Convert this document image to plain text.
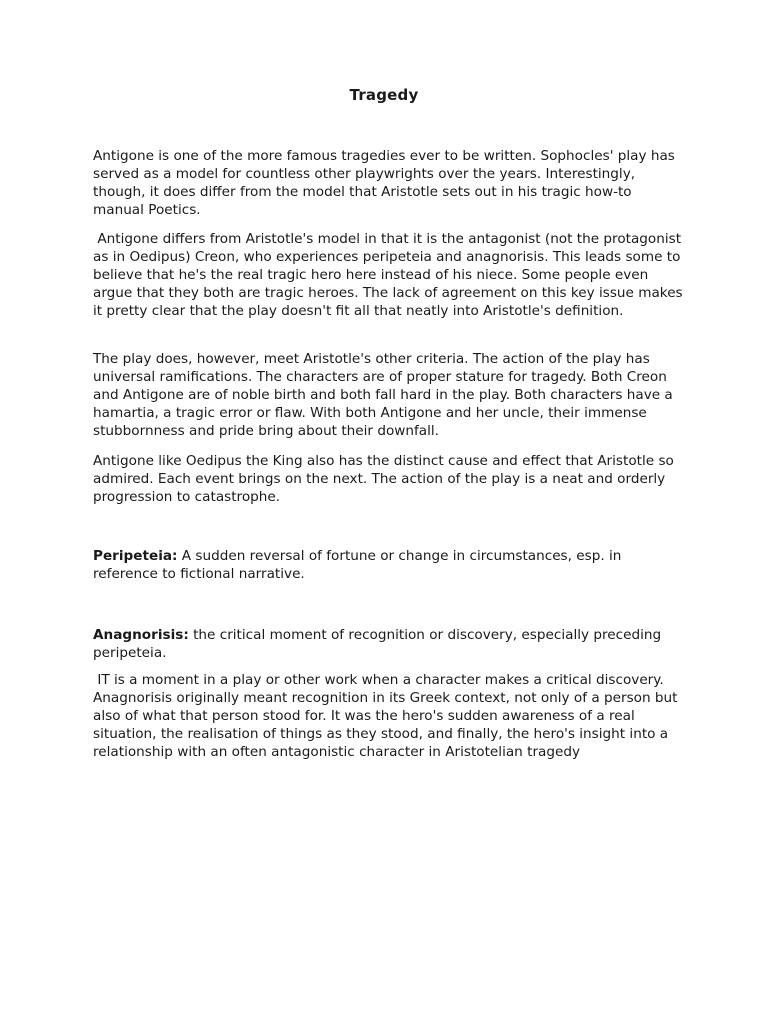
Tragedy

Antigone is one of the more famous tragedies ever to be written. Sophocles' play has served as a model for countless other playwrights over the years. Interestingly, though, it does differ from the model that Aristotle sets out in his tragic how-to manual Poetics.

Antigone differs from Aristotle's model in that it is the antagonist (not the protagonist as in Oedipus) Creon, who experiences peripeteia and anagnorisis. This leads some to believe that he's the real tragic hero here instead of his niece. Some people even argue that they both are tragic heroes. The lack of agreement on this key issue makes it pretty clear that the play doesn't fit all that neatly into Aristotle's definition.

The play does, however, meet Aristotle's other criteria. The action of the play has universal ramifications. The characters are of proper stature for tragedy. Both Creon and Antigone are of noble birth and both fall hard in the play. Both characters have a hamartia, a tragic error or flaw. With both Antigone and her uncle, their immense stubbornness and pride bring about their downfall.

Antigone like Oedipus the King also has the distinct cause and effect that Aristotle so admired. Each event brings on the next. The action of the play is a neat and orderly progression to catastrophe.

Peripeteia: A sudden reversal of fortune or change in circumstances, esp. in reference to fictional narrative.

Anagnorisis: the critical moment of recognition or discovery, especially preceding peripeteia.

IT is a moment in a play or other work when a character makes a critical discovery. Anagnorisis originally meant recognition in its Greek context, not only of a person but also of what that person stood for. It was the hero's sudden awareness of a real situation, the realisation of things as they stood, and finally, the hero's insight into a relationship with an often antagonistic character in Aristotelian tragedy
